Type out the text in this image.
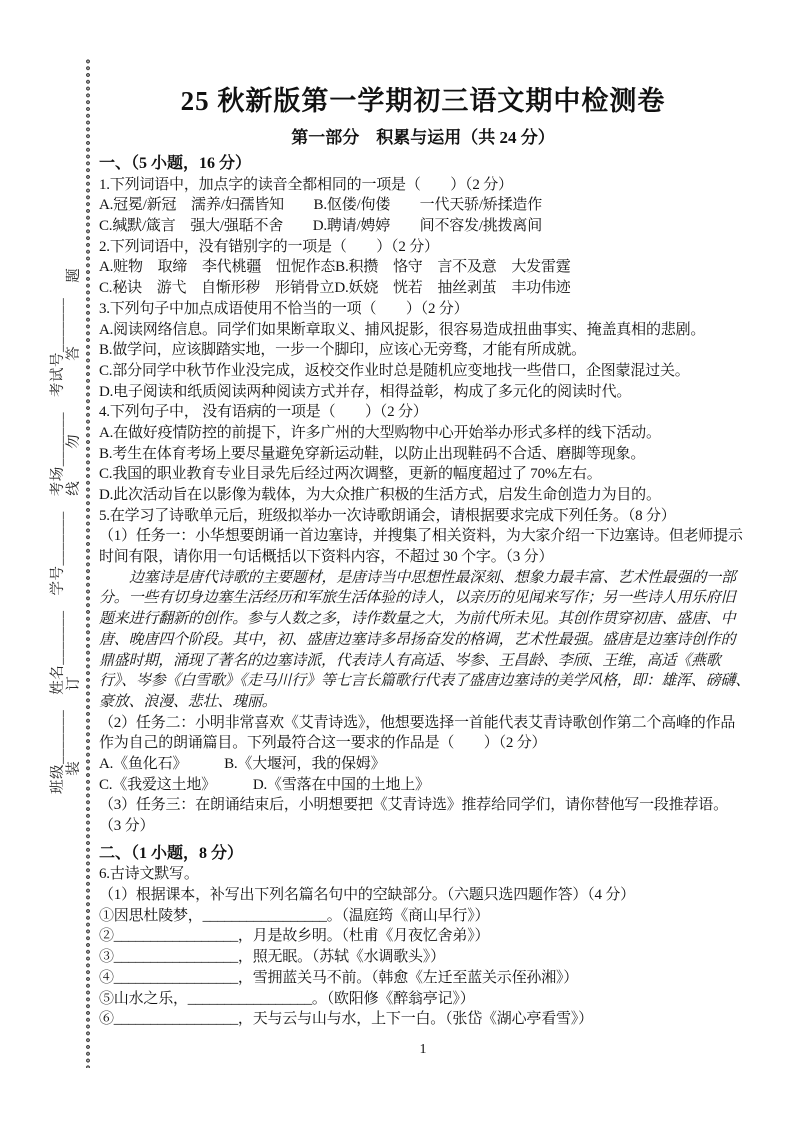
题
答
勿
线
订
装
班级_______　姓名_______　学号_______　考场_______　考试号_______
25 秋新版第一学期初三语文期中检测卷
第一部分　积累与运用（共 24 分）
一、（5 小题，16 分）
1.下列词语中，加点字的读音全都相同的一项是（　　）（2 分）
A.冠冕/新冠　濡养/妇孺皆知　　B.伛偻/佝偻　　一代天骄/矫揉造作
C.缄默/箴言　强大/强聒不舍　　D.聘请/娉婷　　间不容发/挑拨离间
2.下列词语中，没有错别字的一项是（　　）（2 分）
A.赃物　取缔　李代桃疆　忸怩作态B.积攒　恪守　言不及意　大发雷霆
C.秘诀　游弋　自惭形秽　形销骨立D.妖娆　恍若　抽丝剥茧　丰功伟迹
3.下列句子中加点成语使用不恰当的一项（　　）（2 分）
A.阅读网络信息。同学们如果断章取义、捕风捉影，很容易造成扭曲事实、掩盖真相的悲剧。
B.做学问，应该脚踏实地，一步一个脚印，应该心无旁骛，才能有所成就。
C.部分同学中秋节作业没完成，返校交作业时总是随机应变地找一些借口，企图蒙混过关。
D.电子阅读和纸质阅读两种阅读方式并存，相得益彰，构成了多元化的阅读时代。
4.下列句子中， 没有语病的一项是（　　）（2 分）
A.在做好疫情防控的前提下，许多广州的大型购物中心开始举办形式多样的线下活动。
B.考生在体育考场上要尽量避免穿新运动鞋，以防止出现鞋码不合适、磨脚等现象。
C.我国的职业教育专业目录先后经过两次调整，更新的幅度超过了 70%左右。
D.此次活动旨在以影像为载体，为大众推广积极的生活方式，启发生命创造力为目的。
5.在学习了诗歌单元后，班级拟举办一次诗歌朗诵会，请根据要求完成下列任务。（8 分）
（1）任务一：小华想要朗诵一首边塞诗，并搜集了相关资料，为大家介绍一下边塞诗。但老师提示
时间有限，请你用一句话概括以下资料内容，不超过 30 个字。（3 分）
边塞诗是唐代诗歌的主要题材，是唐诗当中思想性最深刻、想象力最丰富、艺术性最强的一部
分。一些有切身边塞生活经历和军旅生活体验的诗人，以亲历的见闻来写作；另一些诗人用乐府旧
题来进行翻新的创作。参与人数之多，诗作数量之大，为前代所未见。其创作贯穿初唐、盛唐、中
唐、晚唐四个阶段。其中，初、盛唐边塞诗多昂扬奋发的格调，艺术性最强。盛唐是边塞诗创作的
鼎盛时期，涌现了著名的边塞诗派，代表诗人有高适、岑参、王昌龄、李颀、王维，高适《燕歌
行》、岑参《白雪歌》《走马川行》等七言长篇歌行代表了盛唐边塞诗的美学风格，即：雄浑、磅礴、
豪放、浪漫、悲壮、瑰丽。
（2）任务二：小明非常喜欢《艾青诗选》，他想要选择一首能代表艾青诗歌创作第二个高峰的作品
作为自己的朗诵篇目。下列最符合这一要求的作品是（　　）（2 分）
A.《鱼化石》　　　B.《大堰河，我的保姆》
C.《我爱这土地》　　　D.《雪落在中国的土地上》
（3）任务三：在朗诵结束后，小明想要把《艾青诗选》推荐给同学们，请你替他写一段推荐语。
（3 分）
二、（1 小题，8 分）
6.古诗文默写。
（1）根据课本，补写出下列名篇名句中的空缺部分。（六题只选四题作答）（4 分）
①因思杜陵梦，_________________。（温庭筠《商山早行》）
②_________________，月是故乡明。（杜甫《月夜忆舍弟》）
③_________________，照无眠。（苏轼《水调歌头》）
④_________________，雪拥蓝关马不前。（韩愈《左迁至蓝关示侄孙湘》）
⑤山水之乐，_________________。（欧阳修《醉翁亭记》）
⑥_________________，天与云与山与水，上下一白。（张岱《湖心亭看雪》）
1
